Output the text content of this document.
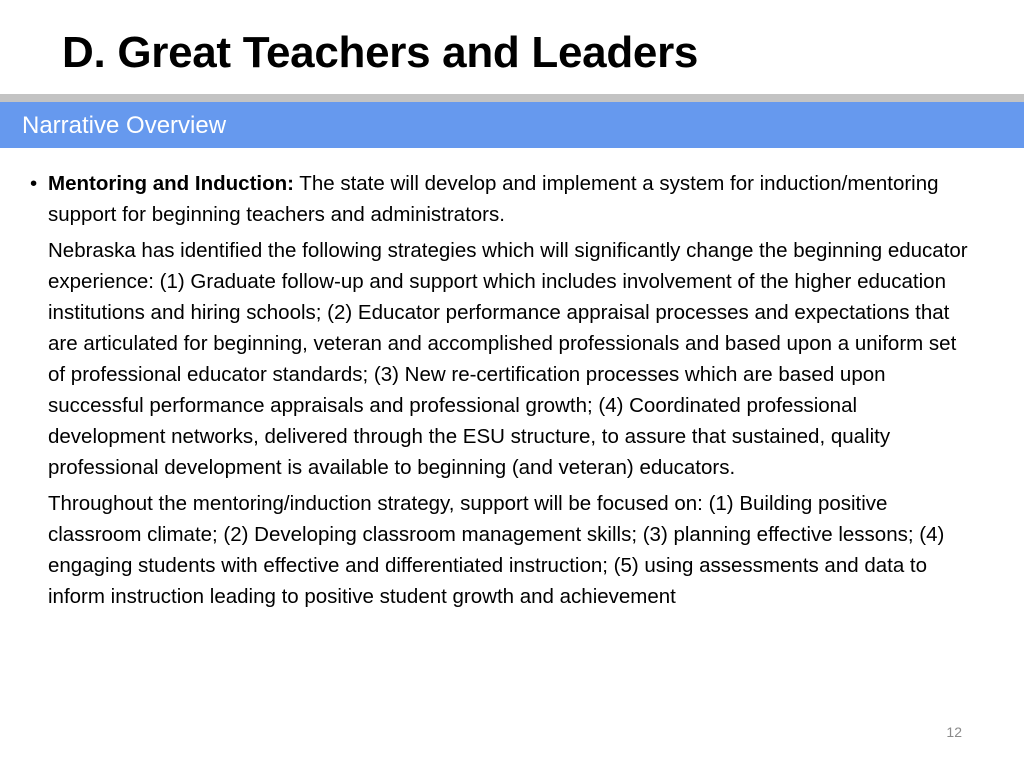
D. Great Teachers and Leaders
Narrative Overview

• Mentoring and Induction: The state will develop and implement a system for induction/mentoring support for beginning teachers and administrators.

Nebraska has identified the following strategies which will significantly change the beginning educator experience: (1) Graduate follow-up and support which includes involvement of the higher education institutions and hiring schools; (2) Educator performance appraisal processes and expectations that are articulated for beginning, veteran and accomplished professionals and based upon a uniform set of professional educator standards; (3) New re-certification processes which are based upon successful performance appraisals and professional growth; (4) Coordinated professional development networks, delivered through the ESU structure, to assure that sustained, quality professional development is available to beginning (and veteran) educators.

Throughout the mentoring/induction strategy, support will be focused on: (1) Building positive classroom climate; (2) Developing classroom management skills; (3) planning effective lessons; (4) engaging students with effective and differentiated instruction; (5) using assessments and data to inform instruction leading to positive student growth and achievement

12
